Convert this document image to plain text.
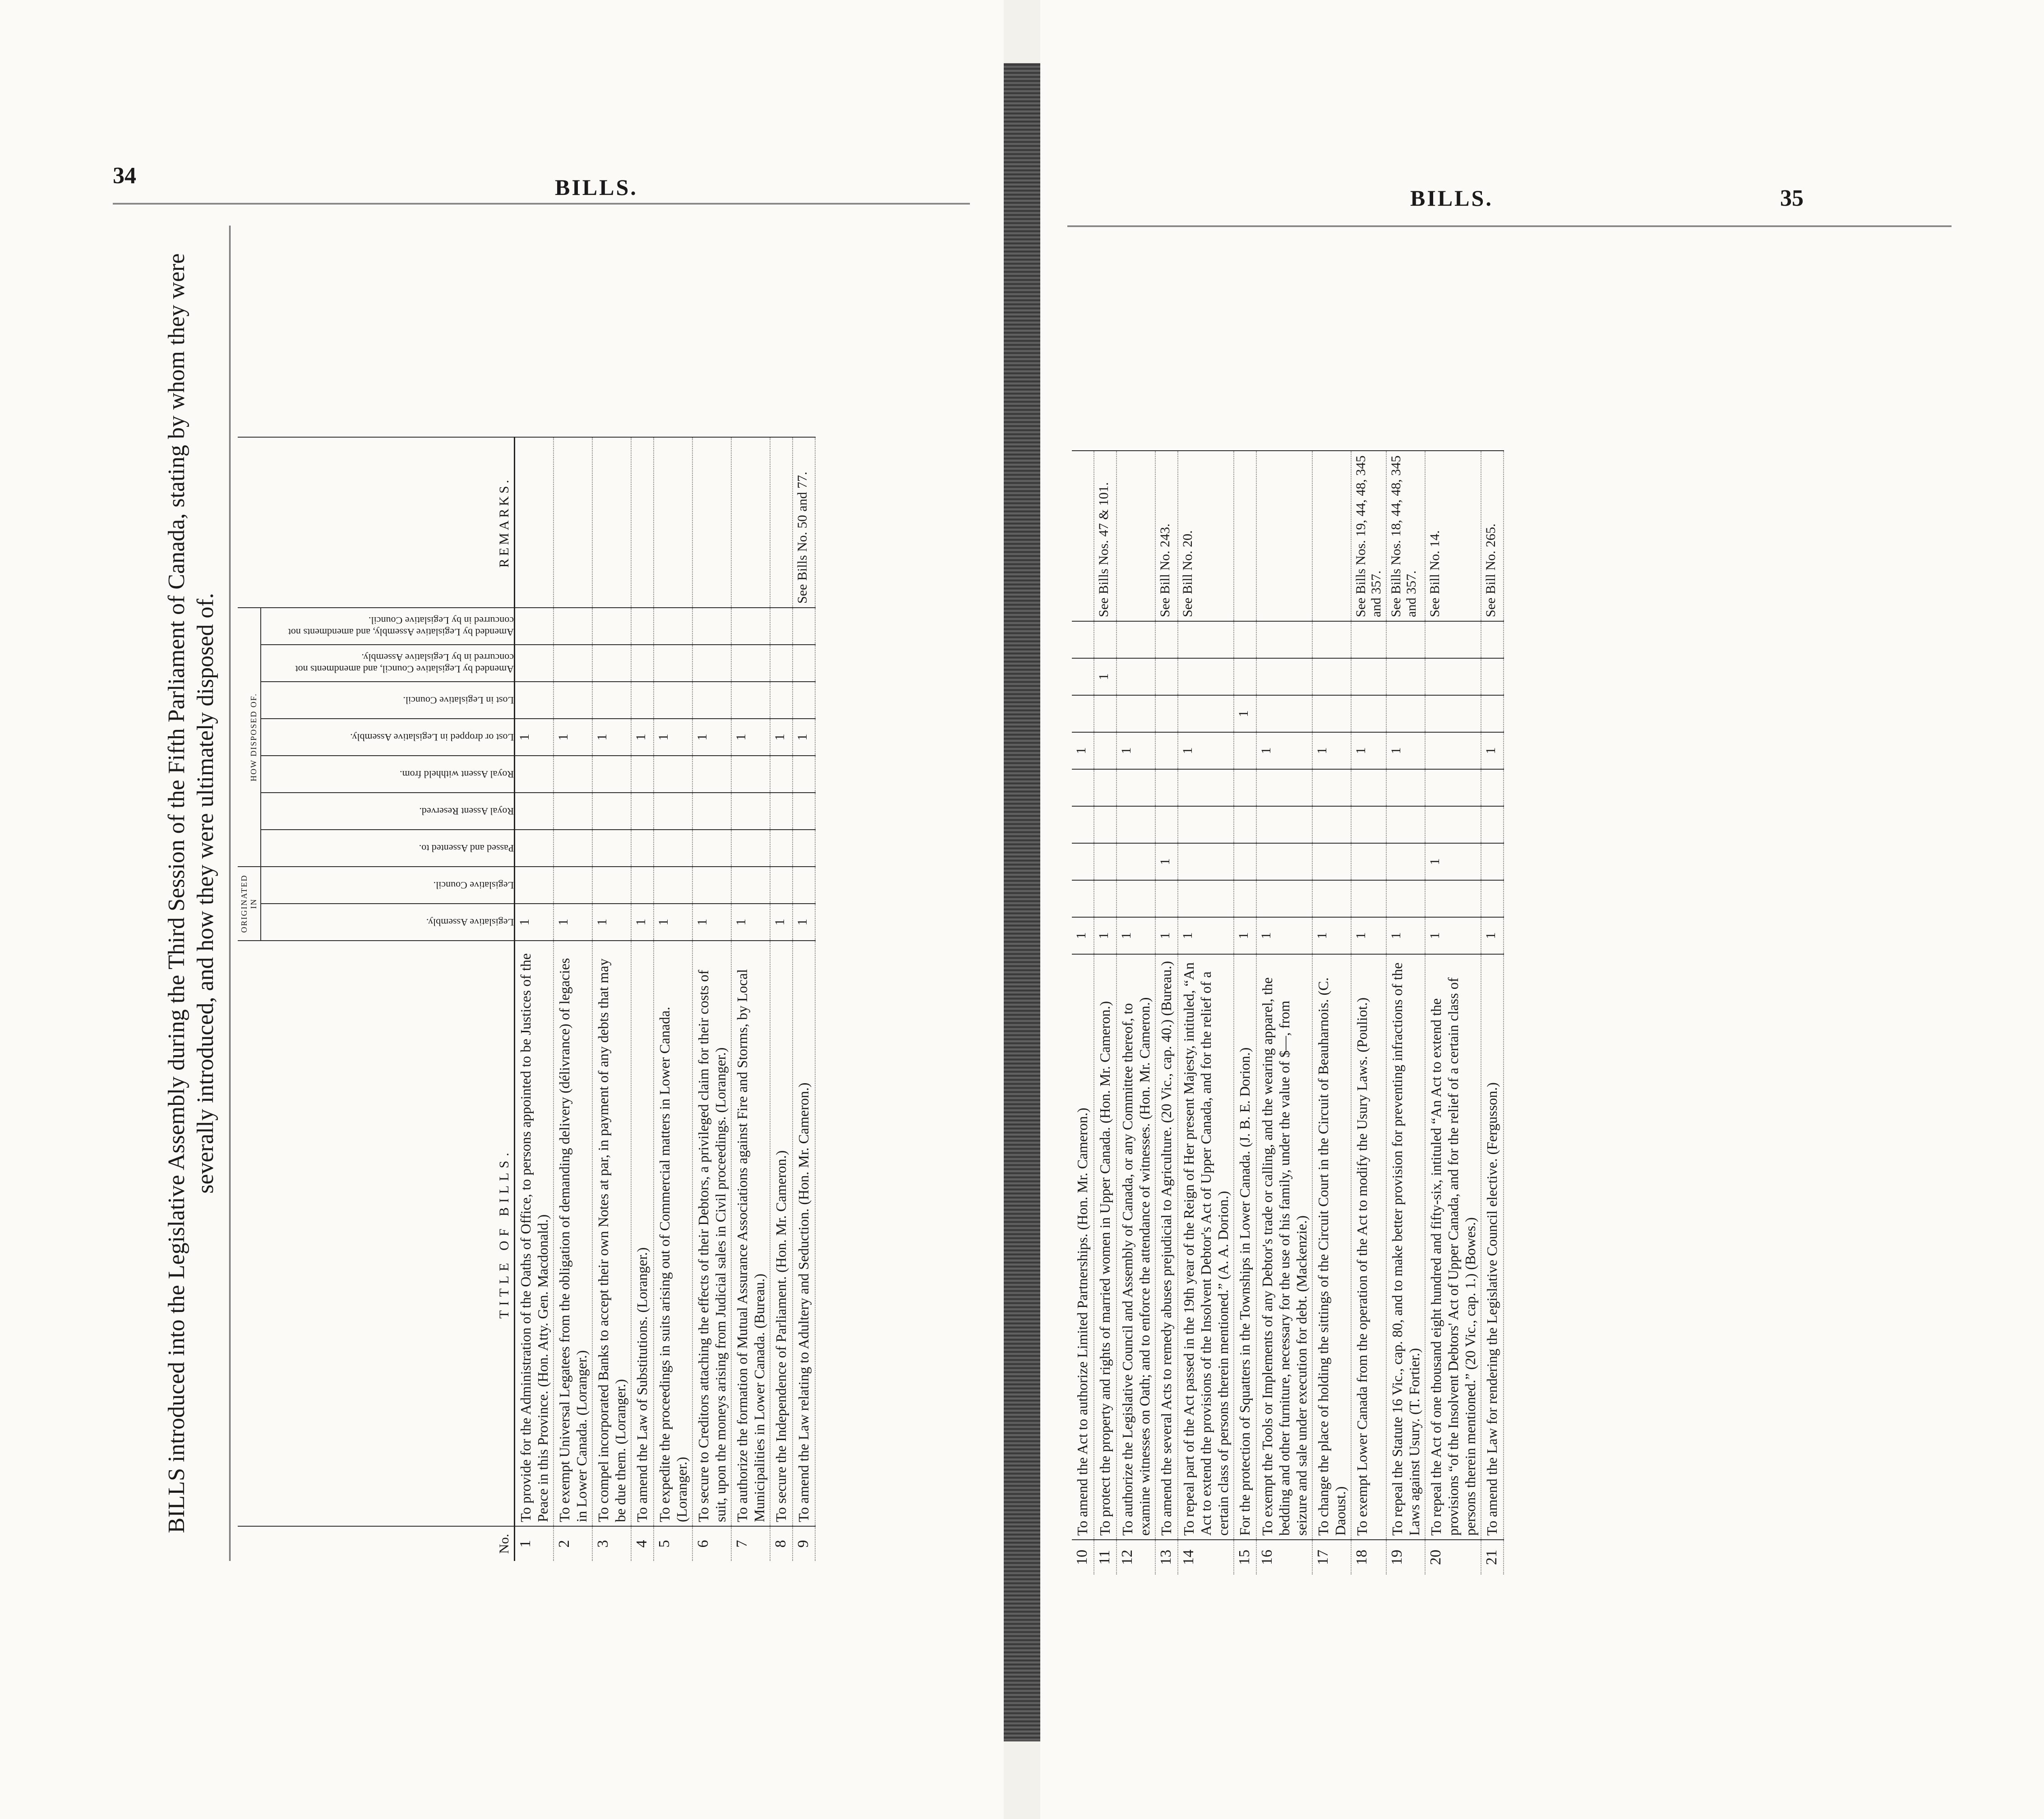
34	BILLS.
BILLS introduced into the Legislative Assembly during the Third Session of the Fifth Parliament of Canada, stating by whom they were severally introduced, and how they were ultimately disposed of.
No.	TITLE OF BILLS.	ORIGINATED IN		HOW DISPOSED OF.							REMARKS.

		Legislative Assembly.	Legislative Council.	Passed and Assented to.	Royal Assent Reserved.	Royal Assent withheld from.	Lost or dropped in Legislative Assembly.	Lost in Legislative Council.	Amended by Legislative Council, and amendments not concurred in by Legislative Assembly.	Amended by Legislative Assembly, and amendments not concurred in by Legislative Council.	

1	To provide for the Administration of the Oaths of Office, to persons appointed to be Justices of the Peace in this Province. (Hon. Atty. Gen. Macdonald.)	1					1				
2	To exempt Universal Legatees from the obligation of demanding delivery (délivrance) of legacies in Lower Canada. (Loranger.)	1					1				
3	To compel incorporated Banks to accept their own Notes at par, in payment of any debts that may be due them. (Loranger.)	1					1				
4	To amend the Law of Substitutions. (Loranger.)	1					1				
5	To expedite the proceedings in suits arising out of Commercial matters in Lower Canada. (Loranger.)	1					1				
6	To secure to Creditors attaching the effects of their Debtors, a privileged claim for their costs of suit, upon the moneys arising from Judicial sales in Civil proceedings. (Loranger.)	1					1				
7	To authorize the formation of Mutual Assurance Associations against Fire and Storms, by Local Municipalities in Lower Canada. (Bureau.)	1					1				
8	To secure the Independence of Parliament. (Hon. Mr. Cameron.)	1					1				
9	To amend the Law relating to Adultery and Seduction. (Hon. Mr. Cameron.)	1					1				See Bills No. 50 and 77.
BILLS.	35
10	To amend the Act to authorize Limited Partnerships. (Hon. Mr. Cameron.)	1					1				
11	To protect the property and rights of married women in Upper Canada. (Hon. Mr. Cameron.)	1							1		See Bills Nos. 47 & 101.
12	To authorize the Legislative Council and Assembly of Canada, or any Committee thereof, to examine witnesses on Oath; and to enforce the attendance of witnesses. (Hon. Mr. Cameron.)	1					1				
13	To amend the several Acts to remedy abuses prejudicial to Agriculture. (20 Vic., cap. 40.) (Bureau.)	1		1							See Bill No. 243.
14	To repeal part of the Act passed in the 19th year of the Reign of Her present Majesty, intituled, “An Act to extend the provisions of the Insolvent Debtor's Act of Upper Canada, and for the relief of a certain class of persons therein mentioned.” (A. A. Dorion.)	1					1				See Bill No. 20.
15	For the protection of Squatters in the Townships in Lower Canada. (J. B. E. Dorion.)	1						1			
16	To exempt the Tools or Implements of any Debtor's trade or calling, and the wearing apparel, the bedding and other furniture, necessary for the use of his family, under the value of $—, from seizure and sale under execution for debt. (Mackenzie.)	1					1				
17	To change the place of holding the sittings of the Circuit Court in the Circuit of Beauharnois. (C. Daoust.)	1					1				
18	To exempt Lower Canada from the operation of the Act to modify the Usury Laws. (Pouliot.)	1					1				See Bills Nos. 19, 44, 48, 345 and 357.
19	To repeal the Statute 16 Vic., cap. 80, and to make better provision for preventing infractions of the Laws against Usury. (T. Fortier.)	1					1				See Bills Nos. 18, 44, 48, 345 and 357.
20	To repeal the Act of one thousand eight hundred and fifty-six, intituled “An Act to extend the provisions “of the Insolvent Debtors' Act of Upper Canada, and for the relief of a certain class of persons therein mentioned.” (20 Vic., cap. 1.) (Bowes.)	1		1							See Bill No. 14.
21	To amend the Law for rendering the Legislative Council elective. (Fergusson.)	1					1				See Bill No. 265.
